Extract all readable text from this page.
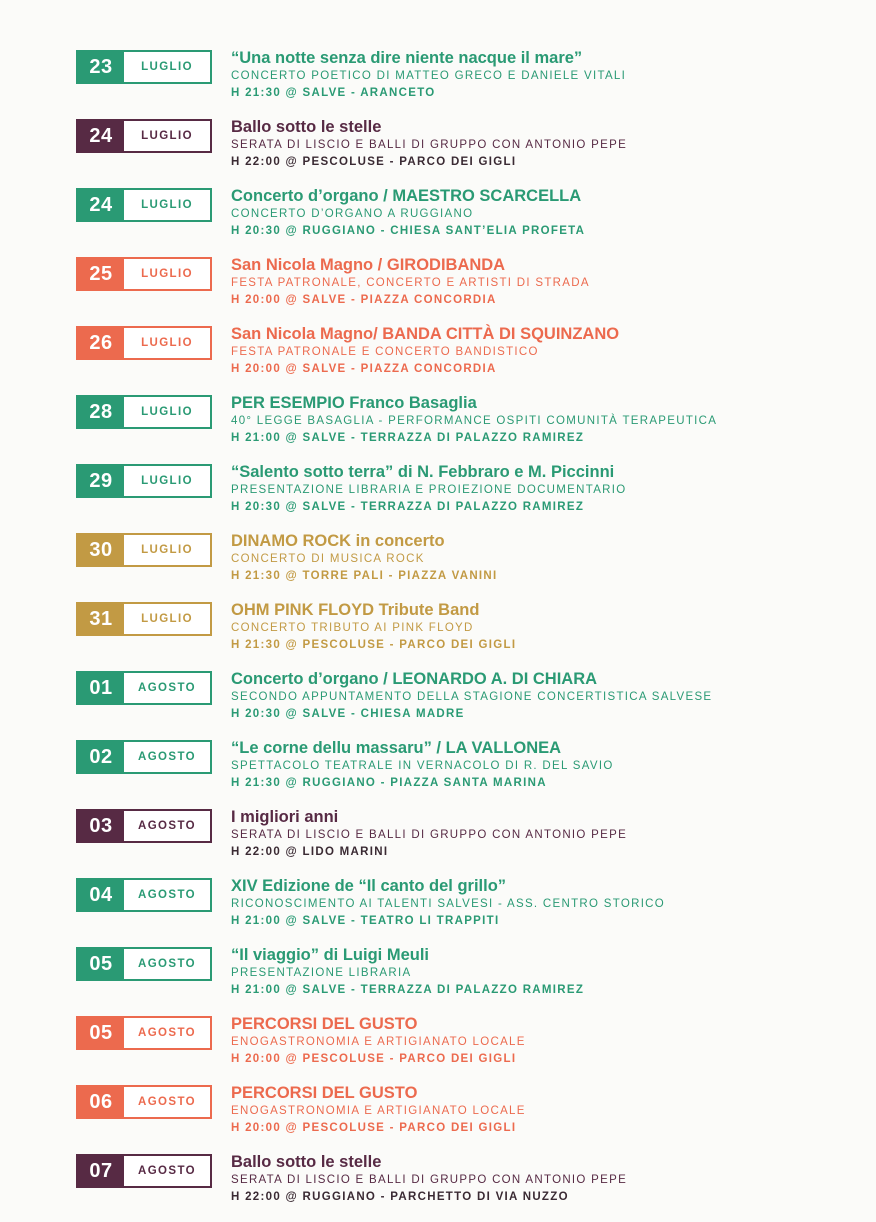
23	LUGLIO	“Una notte senza dire niente nacque il mare”
CONCERTO POETICO DI MATTEO GRECO E DANIELE VITALI
H 21:30 @ SALVE - ARANCETO
24	LUGLIO	Ballo sotto le stelle
SERATA DI LISCIO E BALLI DI GRUPPO CON ANTONIO PEPE
H 22:00 @ PESCOLUSE - PARCO DEI GIGLI
24	LUGLIO	Concerto d’organo / MAESTRO SCARCELLA
CONCERTO D’ORGANO A RUGGIANO
H 20:30 @ RUGGIANO - CHIESA SANT’ELIA PROFETA
25	LUGLIO	San Nicola Magno / GIRODIBANDA
FESTA PATRONALE, CONCERTO E ARTISTI DI STRADA
H 20:00 @ SALVE - PIAZZA CONCORDIA
26	LUGLIO	San Nicola Magno/ BANDA CITTÀ DI SQUINZANO
FESTA PATRONALE E CONCERTO BANDISTICO
H 20:00 @ SALVE - PIAZZA CONCORDIA
28	LUGLIO	PER ESEMPIO Franco Basaglia
40° LEGGE BASAGLIA - PERFORMANCE OSPITI COMUNITÀ TERAPEUTICA
H 21:00 @ SALVE - TERRAZZA DI PALAZZO RAMIREZ
29	LUGLIO	“Salento sotto terra” di N. Febbraro e M. Piccinni
PRESENTAZIONE LIBRARIA E PROIEZIONE DOCUMENTARIO
H 20:30 @ SALVE - TERRAZZA DI PALAZZO RAMIREZ
30	LUGLIO	DINAMO ROCK in concerto
CONCERTO DI MUSICA ROCK
H 21:30 @ TORRE PALI - PIAZZA VANINI
31	LUGLIO	OHM PINK FLOYD Tribute Band
CONCERTO TRIBUTO AI PINK FLOYD
H 21:30 @ PESCOLUSE - PARCO DEI GIGLI
01	AGOSTO	Concerto d’organo / LEONARDO A. DI CHIARA
SECONDO APPUNTAMENTO DELLA STAGIONE CONCERTISTICA SALVESE
H 20:30 @ SALVE - CHIESA MADRE
02	AGOSTO	“Le corne dellu massaru” / LA VALLONEA
SPETTACOLO TEATRALE IN VERNACOLO DI R. DEL SAVIO
H 21:30 @ RUGGIANO - PIAZZA SANTA MARINA
03	AGOSTO	I migliori anni
SERATA DI LISCIO E BALLI DI GRUPPO CON ANTONIO PEPE
H 22:00 @ LIDO MARINI
04	AGOSTO	XIV Edizione de “Il canto del grillo”
RICONOSCIMENTO AI TALENTI SALVESI - ASS. CENTRO STORICO
H 21:00 @ SALVE - TEATRO LI TRAPPITI
05	AGOSTO	“Il viaggio” di Luigi Meuli
PRESENTAZIONE LIBRARIA
H 21:00 @ SALVE - TERRAZZA DI PALAZZO RAMIREZ
05	AGOSTO	PERCORSI DEL GUSTO
ENOGASTRONOMIA E ARTIGIANATO LOCALE
H 20:00 @ PESCOLUSE - PARCO DEI GIGLI
06	AGOSTO	PERCORSI DEL GUSTO
ENOGASTRONOMIA E ARTIGIANATO LOCALE
H 20:00 @ PESCOLUSE - PARCO DEI GIGLI
07	AGOSTO	Ballo sotto le stelle
SERATA DI LISCIO E BALLI DI GRUPPO CON ANTONIO PEPE
H 22:00 @ RUGGIANO - PARCHETTO DI VIA NUZZO
